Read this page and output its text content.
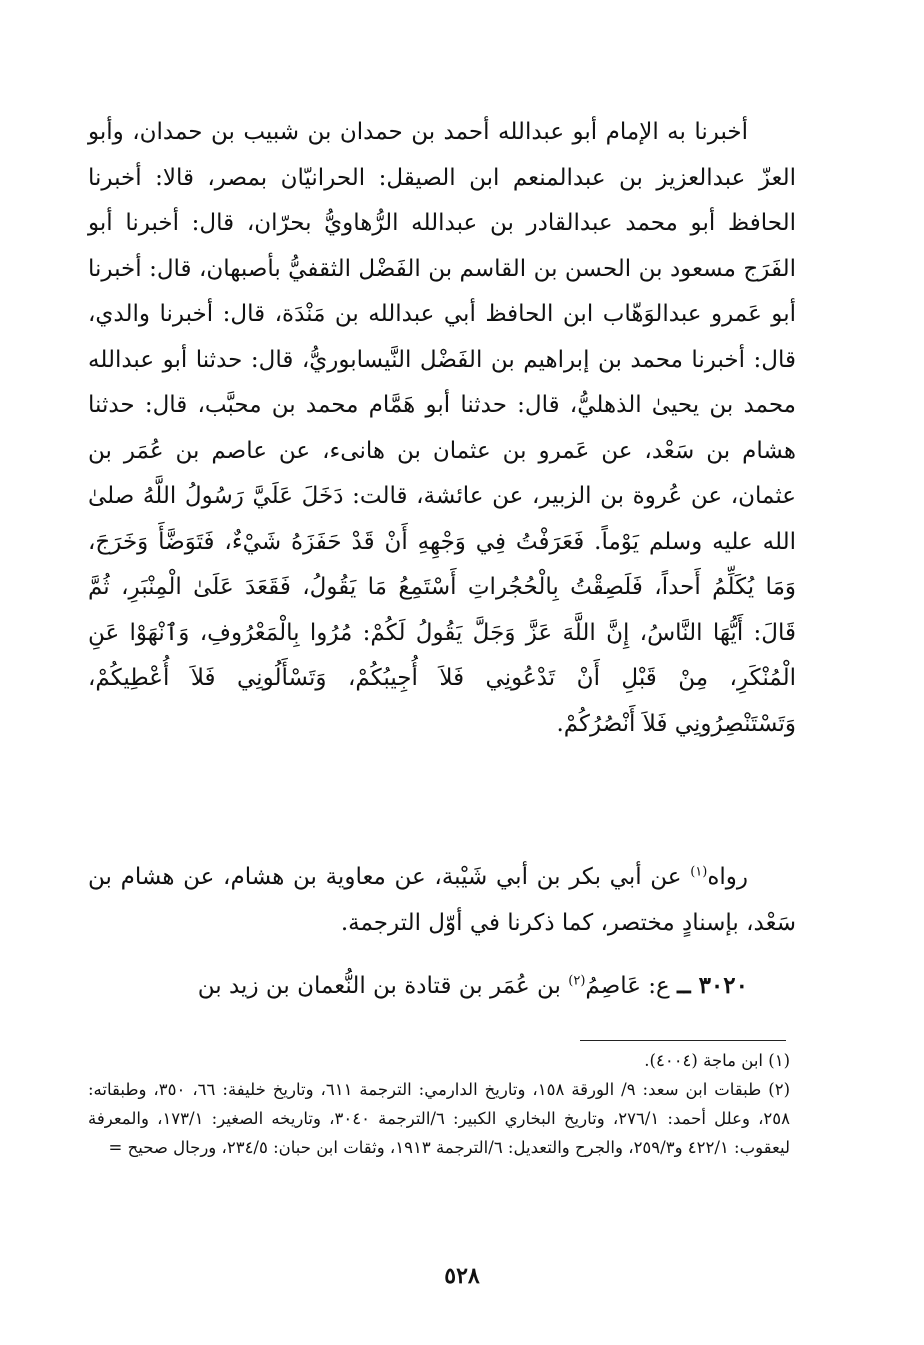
أخبرنا به الإمام أبو عبدالله أحمد بن حمدان بن شبيب بن حمدان، وأبو العزّ عبدالعزيز بن عبدالمنعم ابن الصيقل: الحرانيّان بمصر، قالا: أخبرنا الحافظ أبو محمد عبدالقادر بن عبدالله الرُّهاويُّ بحرّان، قال: أخبرنا أبو الفَرَج مسعود بن الحسن بن القاسم بن الفَضْل الثقفيُّ بأصبهان، قال: أخبرنا أبو عَمرو عبدالوَهّاب ابن الحافظ أبي عبدالله بن مَنْدَة، قال: أخبرنا والدي، قال: أخبرنا محمد بن إبراهيم بن الفَضْل النَّيسابوريُّ، قال: حدثنا أبو عبدالله محمد بن يحيىٰ الذهليُّ، قال: حدثنا أبو هَمَّام محمد بن محبَّب، قال: حدثنا هشام بن سَعْد، عن عَمرو بن عثمان بن هانىء، عن عاصم بن عُمَر بن عثمان، عن عُروة بن الزبير، عن عائشة، قالت: دَخَلَ عَلَيَّ رَسُولُ اللَّهُ صلىٰ الله عليه وسلم يَوْماً. فَعَرَفْتُ فِي وَجْهِهِ أَنْ قَدْ حَفَزَهُ شَيْءٌ، فَتَوَضَّأَ وَخَرَجَ، وَمَا يُكَلِّمُ أَحداً، فَلَصِقْتُ بِالْحُجُراتِ أَسْتَمِعُ مَا يَقُولُ، فَقَعَدَ عَلَىٰ الْمِنْبَرِ، ثُمَّ قَالَ: أَيُّهَا النَّاسُ، إِنَّ اللَّهَ عَزَّ وَجَلَّ يَقُولُ لَكُمْ: مُرُوا بِالْمَعْرُوفِ، وَٱنْهَوْا عَنِ الْمُنْكَرِ، مِنْ قَبْلِ أَنْ تَدْعُونِي فَلاَ أُجِيبُكُمْ، وَتَسْأَلُونِي فَلاَ أُعْطِيكُمْ، وَتَسْتَنْصِرُونِي فَلاَ أَنْصُرُكُمْ.

رواه$^{(١)}$ عن أبي بكر بن أبي شَيْبة، عن معاوية بن هشام، عن هشام بن سَعْد، بإسنادٍ مختصر، كما ذكرنا في أوّل الترجمة.

٣٠٢٠ ــ ع: عَاصِمُ$^{(٢)}$ بن عُمَر بن قتادة بن النُّعمان بن زيد بن

(١) ابن ماجة (٤٠٠٤).

(٢) طبقات ابن سعد: ٩/ الورقة ١٥٨، وتاريخ الدارمي: الترجمة ٦١١، وتاريخ خليفة: ٦٦، ٣٥٠، وطبقاته: ٢٥٨، وعلل أحمد: ٢٧٦/١، وتاريخ البخاري الكبير: ٦/الترجمة ٣٠٤٠، وتاريخه الصغير: ١٧٣/١، والمعرفة ليعقوب: ٤٢٢/١ و٢٥٩/٣، والجرح والتعديل: ٦/الترجمة ١٩١٣، وثقات ابن حبان: ٢٣٤/٥، ورجال صحيح =

٥٢٨
